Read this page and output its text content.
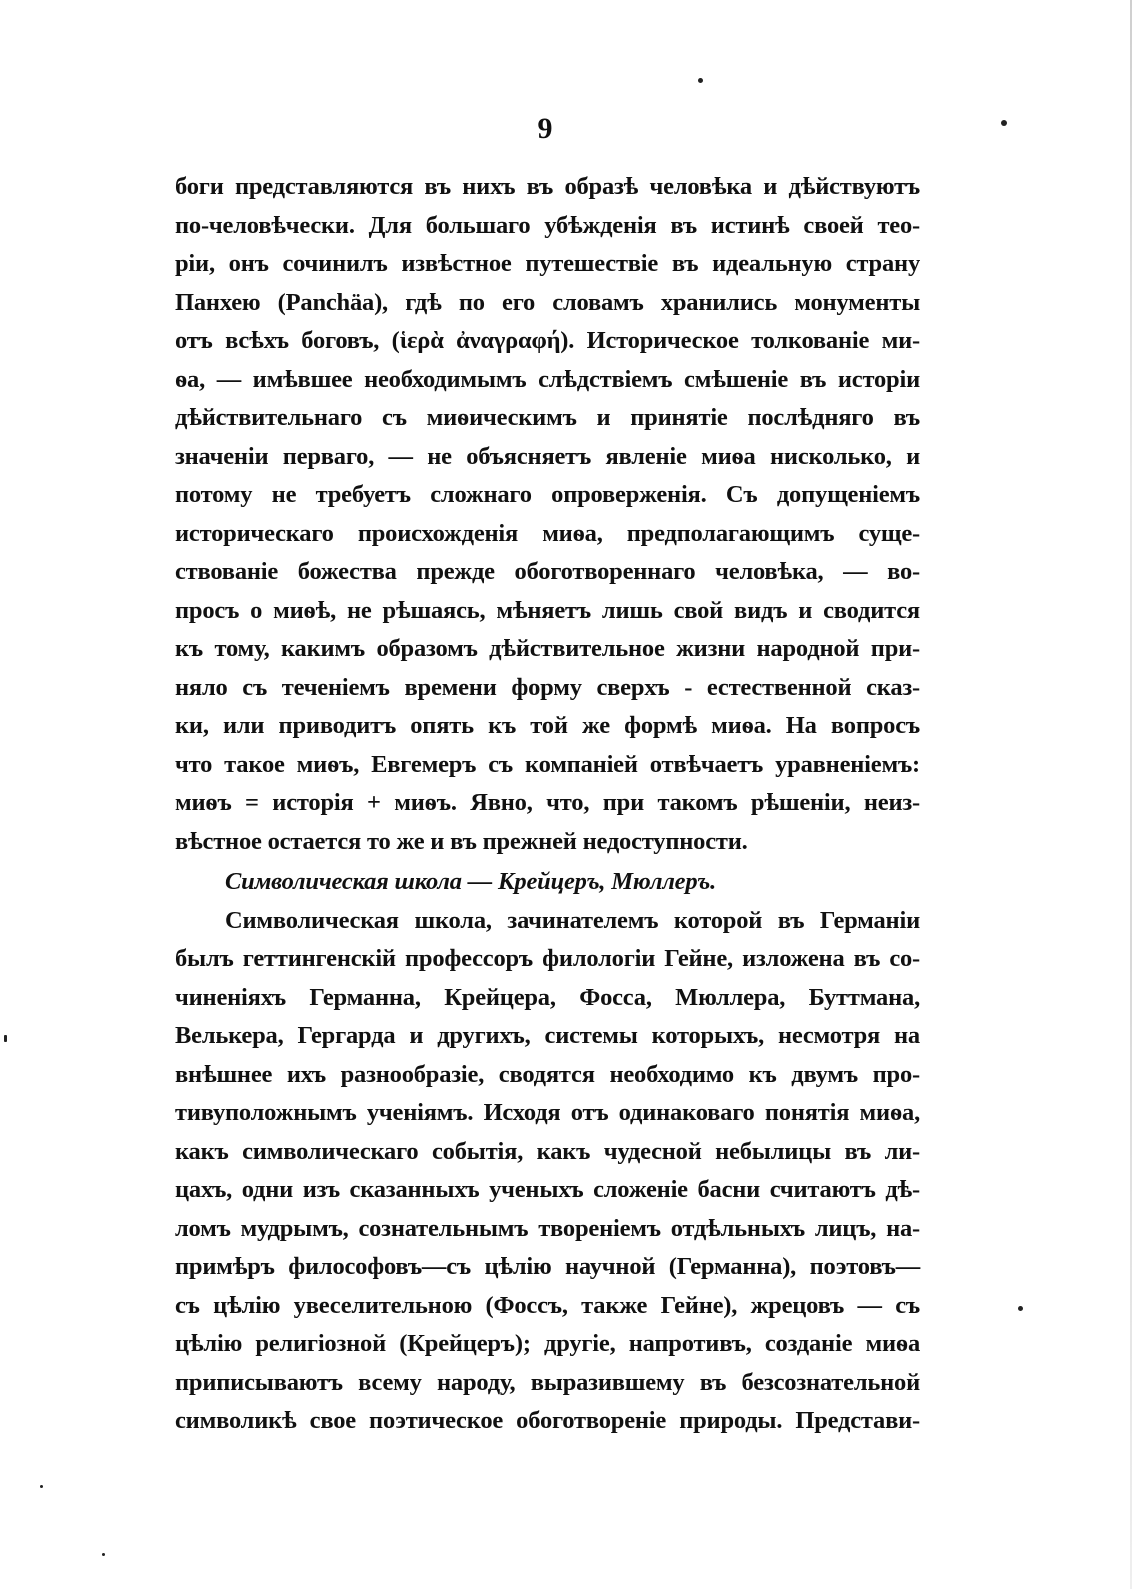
9
боги представляются въ нихъ въ образѣ человѣка и дѣйствуютъ
по-человѣчески. Для большаго убѣжденія въ истинѣ своей тео-
ріи, онъ сочинилъ извѣстное путешествіе въ идеальную страну
Панхею (Panchäa), гдѣ по его словамъ хранились монументы
отъ всѣхъ боговъ, (ἱερὰ ἀναγραφή). Историческое толкованіе ми-
ѳа, — имѣвшее необходимымъ слѣдствіемъ смѣшеніе въ исторіи
дѣйствительнаго съ миѳическимъ и принятіе послѣдняго въ
значеніи перваго, — не объясняетъ явленіе миѳа нисколько, и
потому не требуетъ сложнаго опроверженія. Съ допущеніемъ
историческаго происхожденія миѳа, предполагающимъ суще-
ствованіе божества прежде обоготвореннаго человѣка, — во-
просъ о миѳѣ, не рѣшаясь, мѣняетъ лишь свой видъ и сводится
къ тому, какимъ образомъ дѣйствительное жизни народной при-
няло съ теченіемъ времени форму сверхъ - естественной сказ-
ки, или приводитъ опять къ той же формѣ миѳа. На вопросъ
что такое миѳъ, Евгемеръ съ компаніей отвѣчаетъ уравненіемъ:
миѳъ = исторія + миѳъ. Явно, что, при такомъ рѣшеніи, неиз-
вѣстное остается то же и въ прежней недоступности.
Символическая школа — Крейцеръ, Мюллеръ.
Символическая школа, зачинателемъ которой въ Германіи
былъ геттингенскій профессоръ филологіи Гейне, изложена въ со-
чиненіяхъ Германна, Крейцера, Фосса, Мюллера, Буттмана,
Велькера, Гергарда и другихъ, системы которыхъ, несмотря на
внѣшнее ихъ разнообразіе, сводятся необходимо къ двумъ про-
тивуположнымъ ученіямъ. Исходя отъ одинаковаго понятія миѳа,
какъ символическаго событія, какъ чудесной небылицы въ ли-
цахъ, одни изъ сказанныхъ ученыхъ сложеніе басни считаютъ дѣ-
ломъ мудрымъ, сознательнымъ твореніемъ отдѣльныхъ лицъ, на-
примѣръ философовъ—съ цѣлію научной (Германна), поэтовъ—
съ цѣлію увеселительною (Фоссъ, также Гейне), жрецовъ — съ
цѣлію религіозной (Крейцеръ); другіе, напротивъ, созданіе миѳа
приписываютъ всему народу, выразившему въ безсознательной
символикѣ свое поэтическое обоготвореніе природы. Представи-
